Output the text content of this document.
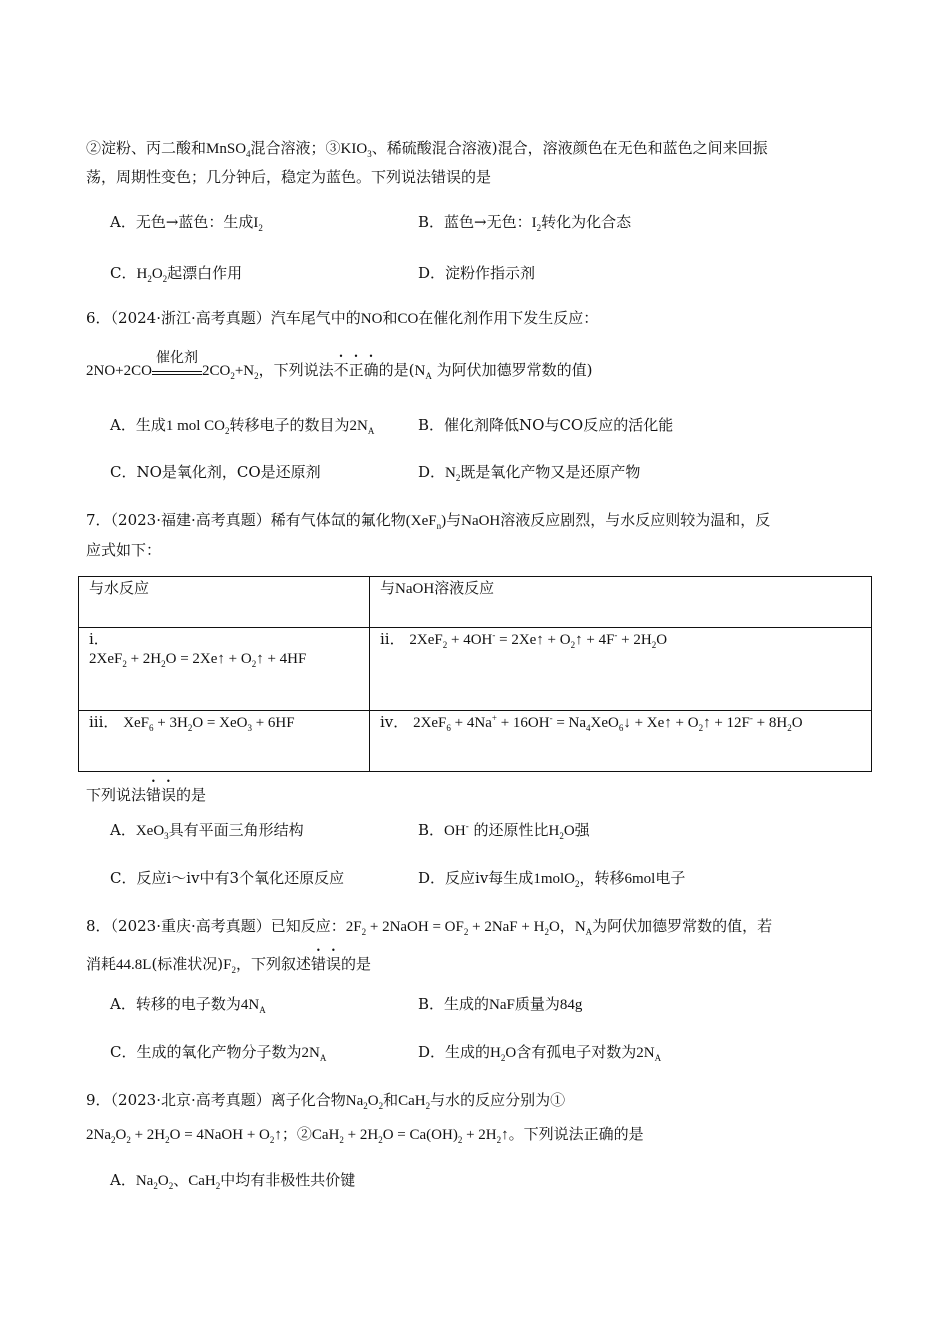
②淀粉、丙二酸和MnSO$_4$混合溶液；$③KIO_3$、稀硫酸混合溶液)混合，溶液颜色在无色和蓝色之间来回振
荡，周期性变色；几分钟后，稳定为蓝色。下列说法错误的是
A．无色→蓝色：生成$I_2$	B．蓝色→无色：$I_2$转化为化合态
C．$H_2O_2$起漂白作用	D．淀粉作指示剂
6．（2024·浙江·高考真题）汽车尾气中的NO和CO在催化剂作用下发生反应：
2NO+2CO
催化剂
$2CO_2+N_2$，下列说法不正确的是($N_A$ 为阿伏加德罗常数的值)
A．生成1 mol $CO_2$转移电子的数目为$2N_A$	B．催化剂降低NO与CO反应的活化能
C．NO是氧化剂，CO是还原剂	D．$N_2$既是氧化产物又是还原产物
7．（2023·福建·高考真题）稀有气体氙的氟化物(XeF$_n$)与NaOH溶液反应剧烈，与水反应则较为温和，反
应式如下：
与水反应	与NaOH溶液反应
i．
$2XeF_2 + 2H_2O$ = 2Xe↑ + $O_2↑ + 4HF$	ii． 2XeF$_2$ + 4OH- = 2Xe↑ + $O_2↑ + 4F^- + 2H_2O$
iii． $XeF_6 + 3H_2O = XeO_3 + 6HF$	iv． $2XeF_6 + 4Na^+ + 16OH^- = Na_4XeO_6↓$ + Xe↑ + $O_2↑ + 12F^- + 8H_2O$
下列说法错误的是
A．XeO$_3$具有平面三角形结构	B．OH- 的还原性比$H_2O$强
C．反应i～iv中有3个氧化还原反应	D．反应iv每生成1molO$_2$，转移6mol电子
8．（2023·重庆·高考真题）已知反应：$2F_2$ + 2NaOH = $OF_2 + 2NaF + H_2O$，$N_A$为阿伏加德罗常数的值，若
消耗44.8L(标准状况)$F_2$，下列叙述错误的是
A．转移的电子数为$4N_A$	B．生成的NaF质量为84g
C．生成的氧化产物分子数为$2N_A$	D．生成的$H_2O$含有孤电子对数为$2N_A$
9．（2023·北京·高考真题）离子化合物$Na_2O_2$和CaH$_2$与水的反应分别为①
$2Na_2O_2 + 2H_2O$ = 4NaOH + $O_2↑$；②CaH$_2$ + $2H_2O = Ca(OH)_2$ + $2H_2↑$。下列说法正确的是
A．$Na_2O_2$、CaH$_2$中均有非极性共价键
